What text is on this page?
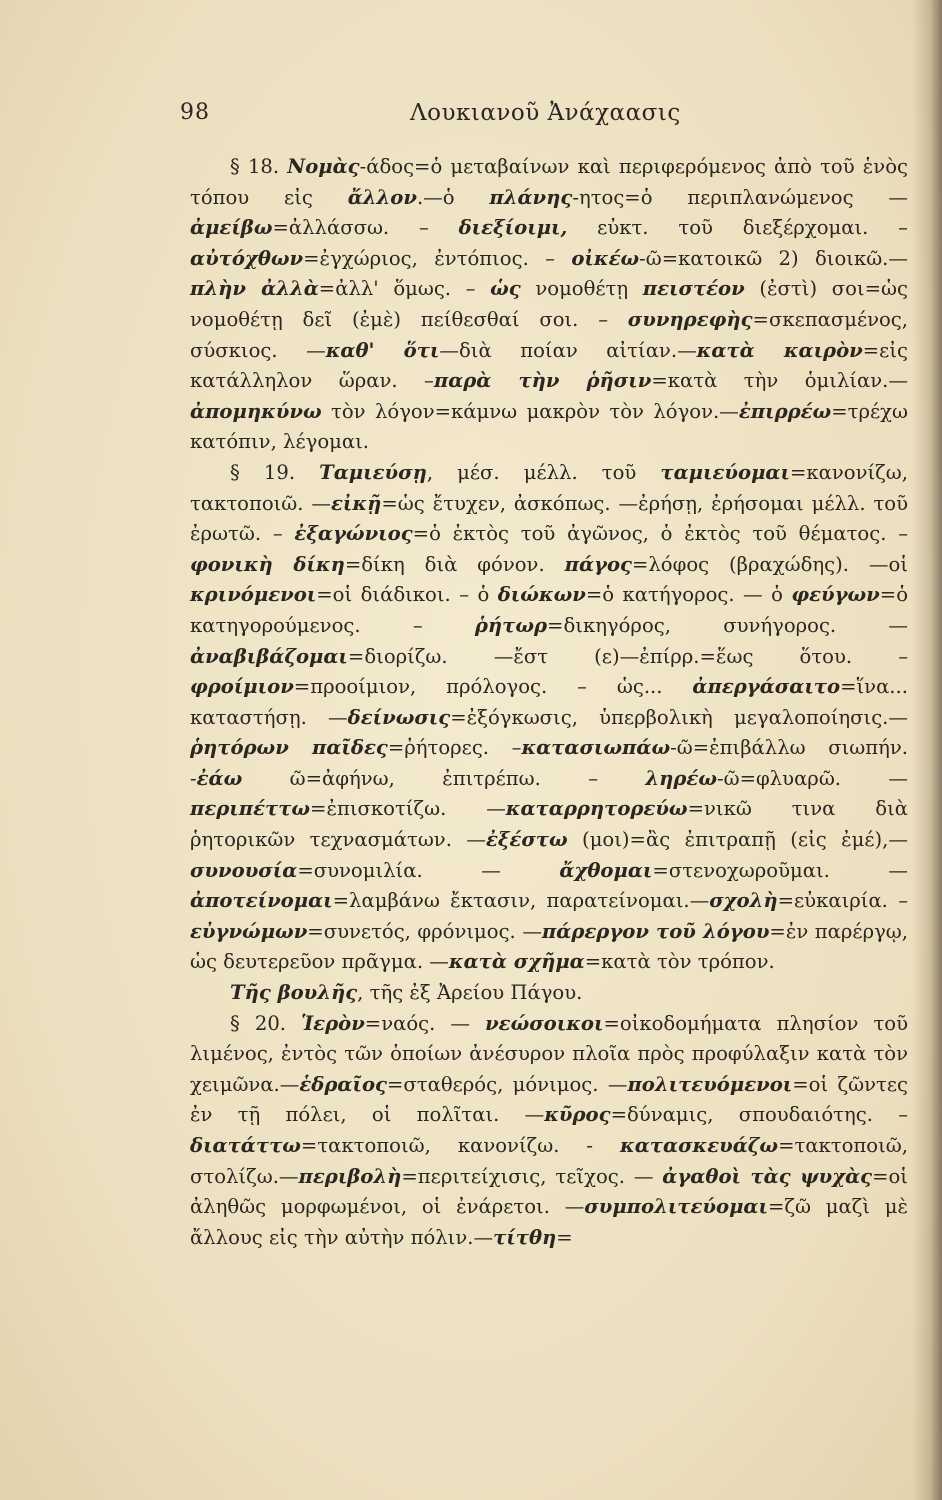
98	Λουκιανοῦ Ἀνάχαασις

§ 18. Νομὰς-άδος=ὁ μεταβαίνων καὶ περιφερόμενος ἀπὸ τοῦ ἑνὸς τόπου εἰς ἄλλον.—ὁ πλάνης-ητος=ὁ περιπλανώμενος — ἀμείβω=ἀλλάσσω. – διεξίοιμι, εὐκτ. τοῦ διεξέρχομαι. – αὐτόχθων=ἐγχώριος, ἐντόπιος. – οἰκέω-ῶ=κατοικῶ 2) διοικῶ.— πλὴν ἀλλὰ=ἀλλ' ὅμως. – ὡς νομοθέτῃ πειστέον (ἐστὶ) σοι=ὡς νομοθέτῃ δεῖ (ἐμὲ) πείθεσθαί σοι. – συνηρεφὴς=σκεπασμένος, σύσκιος. —καθ' ὅτι—διὰ ποίαν αἰτίαν.—κατὰ καιρὸν=εἰς κατάλληλον ὥραν. –παρὰ τὴν ῥῆσιν=κατὰ τὴν ὁμιλίαν.—ἀπομηκύνω τὸν λόγον=κάμνω μακρὸν τὸν λόγον.—ἐπιρρέω=τρέχω κατόπιν, λέγομαι.

§ 19. Ταμιεύσῃ, μέσ. μέλλ. τοῦ ταμιεύομαι=κανονίζω, τακτοποιῶ. —εἰκῇ=ὡς ἔτυχεν, ἀσκόπως. —ἐρήσῃ, ἐρήσομαι μέλλ. τοῦ ἐρωτῶ. – ἐξαγώνιος=ὁ ἐκτὸς τοῦ ἀγῶνος, ὁ ἐκτὸς τοῦ θέματος. – φονικὴ δίκη=δίκη διὰ φόνον. πάγος=λόφος (βραχώδης). —οἱ κρινόμενοι=οἱ διάδικοι. – ὁ διώκων=ὁ κατήγορος. — ὁ φεύγων=ὁ κατηγορούμενος. – ῥήτωρ=δικηγόρος, συνήγορος. —ἀναβιβάζομαι=διορίζω. —ἔστ (ε)—ἐπίρρ.=ἕως ὅτου. – φροίμιον=προοίμιον, πρόλογος. – ὡς... ἀπεργάσαιτο=ἵνα... καταστήσῃ. —δείνωσις=ἐξόγκωσις, ὑπερβολικὴ μεγαλοποίησις.—ῥητόρων παῖδες=ῥήτορες. –κατασιωπάω-ῶ=ἐπιβάλλω σιωπήν. -ἐάω ῶ=ἀφήνω, ἐπιτρέπω. – ληρέω-ῶ=φλυαρῶ. —περιπέττω=ἐπισκοτίζω. —καταρρητορεύω=νικῶ τινα διὰ ῥητορικῶν τεχνασμάτων. —ἐξέστω (μοι)=ἂς ἐπιτραπῇ (εἰς ἐμέ),—συνουσία=συνομιλία. — ἄχθομαι=στενοχωροῦμαι. — ἀποτείνομαι=λαμβάνω ἔκτασιν, παρατείνομαι.—σχολὴ=εὐκαιρία. – εὐγνώμων=συνετός, φρόνιμος. —πάρεργον τοῦ λόγου=ἐν παρέργῳ, ὡς δευτερεῦον πρᾶγμα. —κατὰ σχῆμα=κατὰ τὸν τρόπον.

Τῆς βουλῆς, τῆς ἐξ Ἀρείου Πάγου.

§ 20. Ἱερὸν=ναός. — νεώσοικοι=οἰκοδομήματα πλησίον τοῦ λιμένος, ἐντὸς τῶν ὁποίων ἀνέσυρον πλοῖα πρὸς προφύλαξιν κατὰ τὸν χειμῶνα.—ἑδραῖος=σταθερός, μόνιμος. —πολιτευόμενοι=οἱ ζῶντες ἐν τῇ πόλει, οἱ πολῖται. —κῦρος=δύναμις, σπουδαιότης. – διατάττω=τακτοποιῶ, κανονίζω. - κατασκευάζω=τακτοποιῶ, στολίζω.—περιβολὴ=περιτείχισις, τεῖχος. — ἀγαθοὶ τὰς ψυχὰς=οἱ ἀληθῶς μορφωμένοι, οἱ ἐνάρετοι. —συμπολιτεύομαι=ζῶ μαζὶ μὲ ἄλλους εἰς τὴν αὐτὴν πόλιν.—τίτθη=
